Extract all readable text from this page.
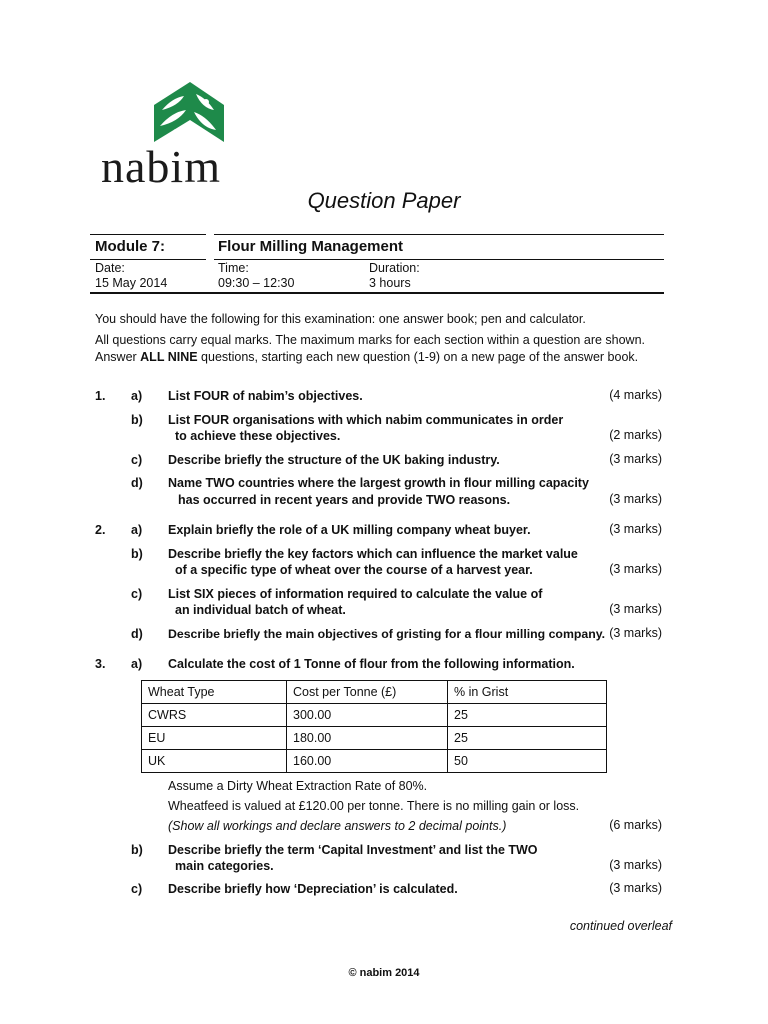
nabim
Question Paper
Module 7:	Flour Milling Management
Date:
15 May 2014
Time:
09:30 – 12:30
Duration:
3 hours
You should have the following for this examination: one answer book; pen and calculator.
All questions carry equal marks. The maximum marks for each section within a question are shown.
Answer ALL NINE questions, starting each new question (1-9) on a new page of the answer book.
1. a) List FOUR of nabim’s objectives.	(4 marks)
b) List FOUR organisations with which nabim communicates in order
to achieve these objectives.	(2 marks)
c) Describe briefly the structure of the UK baking industry.	(3 marks)
d) Name TWO countries where the largest growth in flour milling capacity
has occurred in recent years and provide TWO reasons.	(3 marks)
2. a) Explain briefly the role of a UK milling company wheat buyer.	(3 marks)
b) Describe briefly the key factors which can influence the market value
of a specific type of wheat over the course of a harvest year.	(3 marks)
c) List SIX pieces of information required to calculate the value of
an individual batch of wheat.	(3 marks)
d) Describe briefly the main objectives of gristing for a flour milling company. (3 marks)
3. a) Calculate the cost of 1 Tonne of flour from the following information.
Wheat Type	Cost per Tonne (£)	% in Grist
CWRS	300.00	25
EU	180.00	25
UK	160.00	50
Assume a Dirty Wheat Extraction Rate of 80%.
Wheatfeed is valued at £120.00 per tonne. There is no milling gain or loss.
(Show all workings and declare answers to 2 decimal points.)	(6 marks)
b) Describe briefly the term ‘Capital Investment’ and list the TWO
main categories.	(3 marks)
c) Describe briefly how ‘Depreciation’ is calculated.	(3 marks)
continued overleaf
© nabim 2014
